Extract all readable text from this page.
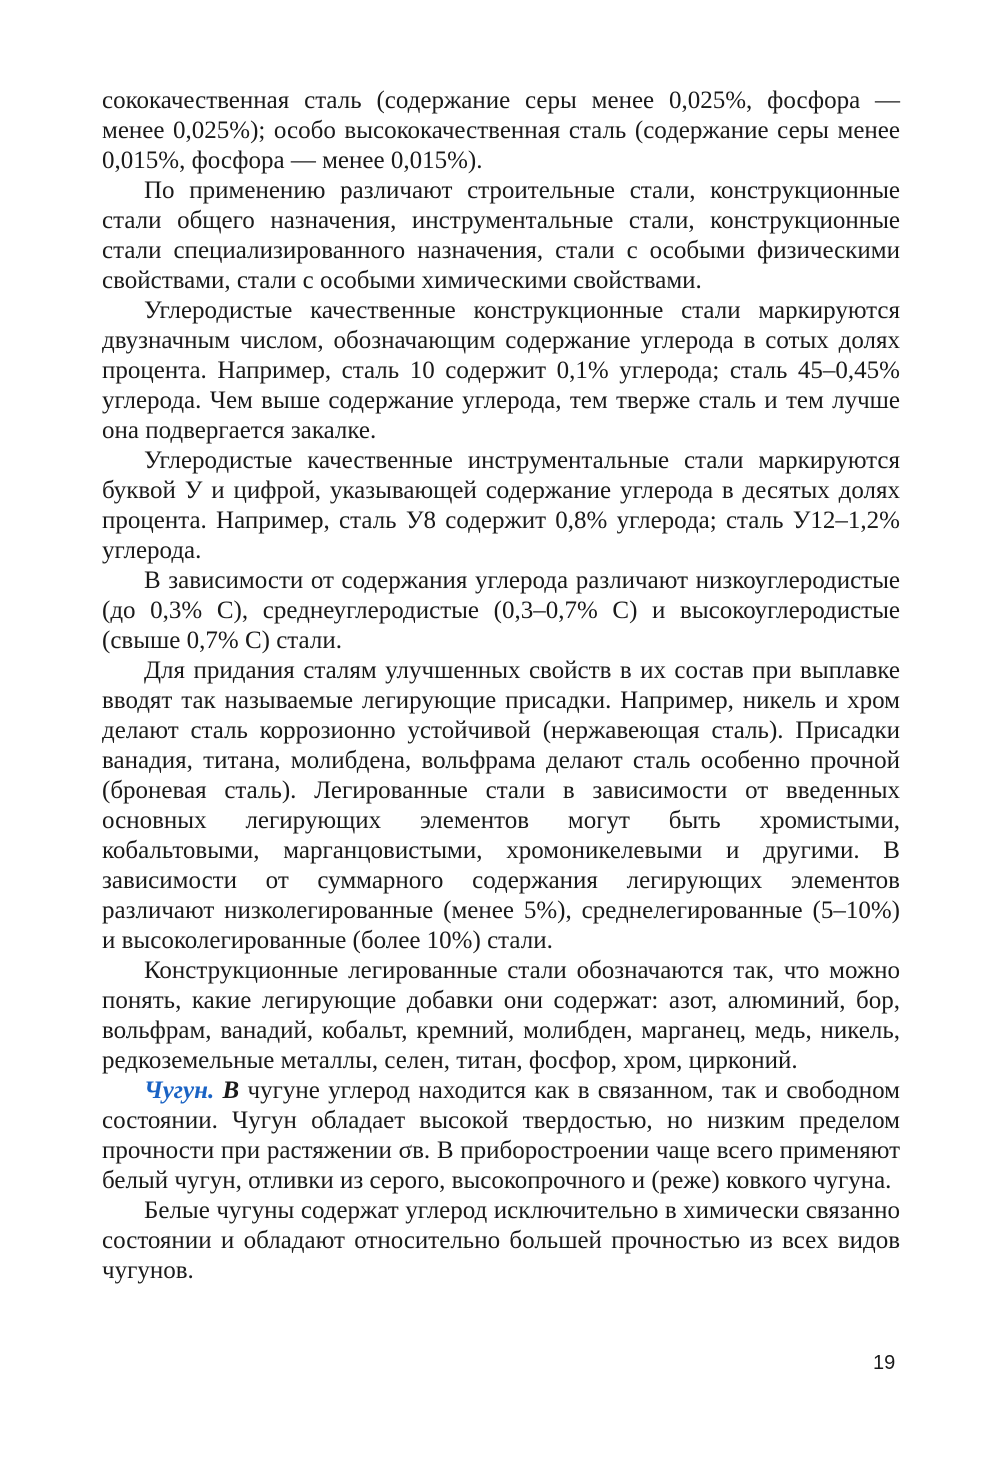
сококачественная сталь (содержание серы менее 0,025%, фосфора — менее 0,025%); особо высококачественная сталь (содержание серы менее 0,015%, фосфора — менее 0,015%).

По применению различают строительные стали, конструкционные стали общего назначения, инструментальные стали, конструкционные стали специализированного назначения, стали с особыми физическими свойствами, стали с особыми химическими свойствами.

Углеродистые качественные конструкционные стали маркируются двузначным числом, обозначающим содержание углерода в сотых долях процента. Например, сталь 10 содержит 0,1% углерода; сталь 45–0,45% углерода. Чем выше содержание углерода, тем тверже сталь и тем лучше она подвергается закалке.

Углеродистые качественные инструментальные стали маркируются буквой У и цифрой, указывающей содержание углерода в десятых долях процента. Например, сталь У8 содержит 0,8% углерода; сталь У12–1,2% углерода.

В зависимости от содержания углерода различают низкоуглеродистые (до 0,3% С), среднеуглеродистые (0,3–0,7% С) и высокоуглеродистые (свыше 0,7% С) стали.

Для придания сталям улучшенных свойств в их состав при выплавке вводят так называемые легирующие присадки. Например, никель и хром делают сталь коррозионно устойчивой (нержавеющая сталь). Присадки ванадия, титана, молибдена, вольфрама делают сталь особенно прочной (броневая сталь). Легированные стали в зависимости от введенных основных легирующих элементов могут быть хромистыми, кобальтовыми, марганцовистыми, хромоникелевыми и другими. В зависимости от суммарного содержания легирующих элементов различают низколегированные (менее 5%), среднелегированные (5–10%) и высоколегированные (более 10%) стали.

Конструкционные легированные стали обозначаются так, что можно понять, какие легирующие добавки они содержат: азот, алюминий, бор, вольфрам, ванадий, кобальт, кремний, молибден, марганец, медь, никель, редкоземельные металлы, селен, титан, фосфор, хром, цирконий.

Чугун. В чугуне углерод находится как в связанном, так и свободном состоянии. Чугун обладает высокой твердостью, но низким пределом прочности при растяжении σв. В приборостроении чаще всего применяют белый чугун, отливки из серого, высокопрочного и (реже) ковкого чугуна.

Белые чугуны содержат углерод исключительно в химически связанно состоянии и обладают относительно большей прочностью из всех видов чугунов.

19
